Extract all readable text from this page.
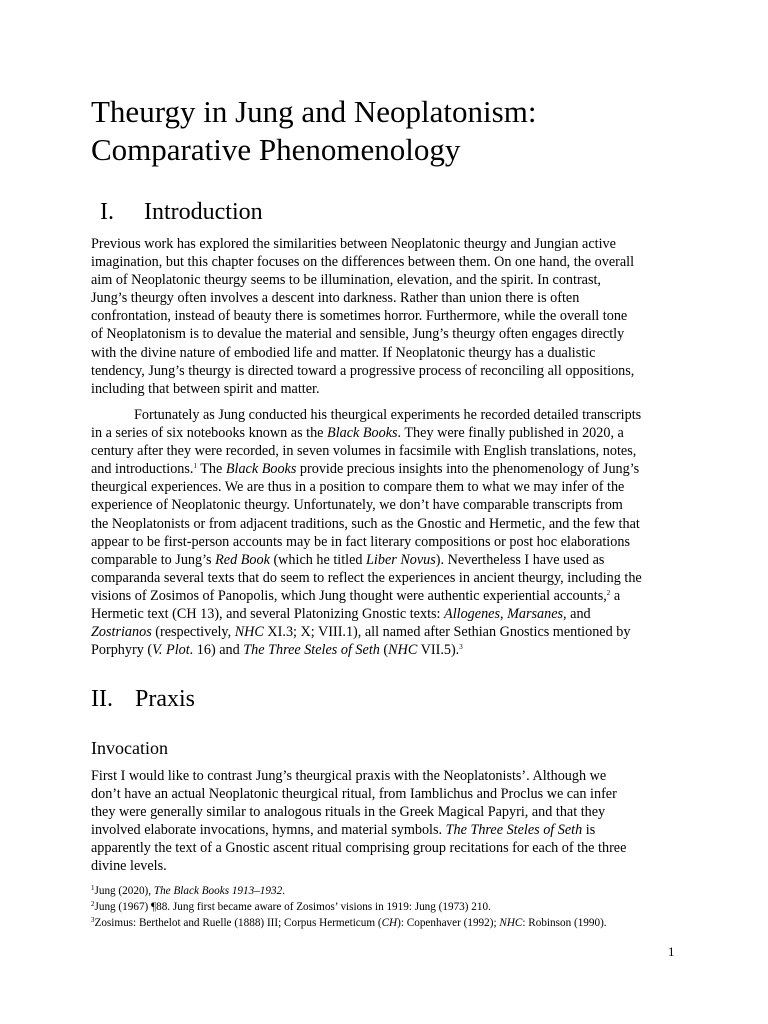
Theurgy in Jung and Neoplatonism:
Comparative Phenomenology
I. Introduction
Previous work has explored the similarities between Neoplatonic theurgy and Jungian active
imagination, but this chapter focuses on the differences between them. On one hand, the overall
aim of Neoplatonic theurgy seems to be illumination, elevation, and the spirit. In contrast,
Jung’s theurgy often involves a descent into darkness. Rather than union there is often
confrontation, instead of beauty there is sometimes horror. Furthermore, while the overall tone
of Neoplatonism is to devalue the material and sensible, Jung’s theurgy often engages directly
with the divine nature of embodied life and matter. If Neoplatonic theurgy has a dualistic
tendency, Jung’s theurgy is directed toward a progressive process of reconciling all oppositions,
including that between spirit and matter.
Fortunately as Jung conducted his theurgical experiments he recorded detailed transcripts
in a series of six notebooks known as the Black Books. They were finally published in 2020, a
century after they were recorded, in seven volumes in facsimile with English translations, notes,
and introductions.$^1$ The Black Books provide precious insights into the phenomenology of Jung’s
theurgical experiences. We are thus in a position to compare them to what we may infer of the
experience of Neoplatonic theurgy. Unfortunately, we don’t have comparable transcripts from
the Neoplatonists or from adjacent traditions, such as the Gnostic and Hermetic, and the few that
appear to be first-person accounts may be in fact literary compositions or post hoc elaborations
comparable to Jung’s Red Book (which he titled Liber Novus). Nevertheless I have used as
comparanda several texts that do seem to reflect the experiences in ancient theurgy, including the
visions of Zosimos of Panopolis, which Jung thought were authentic experiential accounts,$^2$ a
Hermetic text (CH 13), and several Platonizing Gnostic texts: Allogenes, Marsanes, and
Zostrianos (respectively, NHC XI.3; X; VIII.1), all named after Sethian Gnostics mentioned by
Porphyry (V. Plot. 16) and The Three Steles of Seth (NHC VII.5).$^3$
II. Praxis
Invocation
First I would like to contrast Jung’s theurgical praxis with the Neoplatonists’. Although we
don’t have an actual Neoplatonic theurgical ritual, from Iamblichus and Proclus we can infer
they were generally similar to analogous rituals in the Greek Magical Papyri, and that they
involved elaborate invocations, hymns, and material symbols. The Three Steles of Seth is
apparently the text of a Gnostic ascent ritual comprising group recitations for each of the three
divine levels.
$^1$Jung (2020), The Black Books 1913–1932.
$^2$Jung (1967) ¶88. Jung first became aware of Zosimos’ visions in 1919: Jung (1973) 210.
$^3$Zosimus: Berthelot and Ruelle (1888) III; Corpus Hermeticum (CH): Copenhaver (1992); NHC: Robinson (1990).
1
